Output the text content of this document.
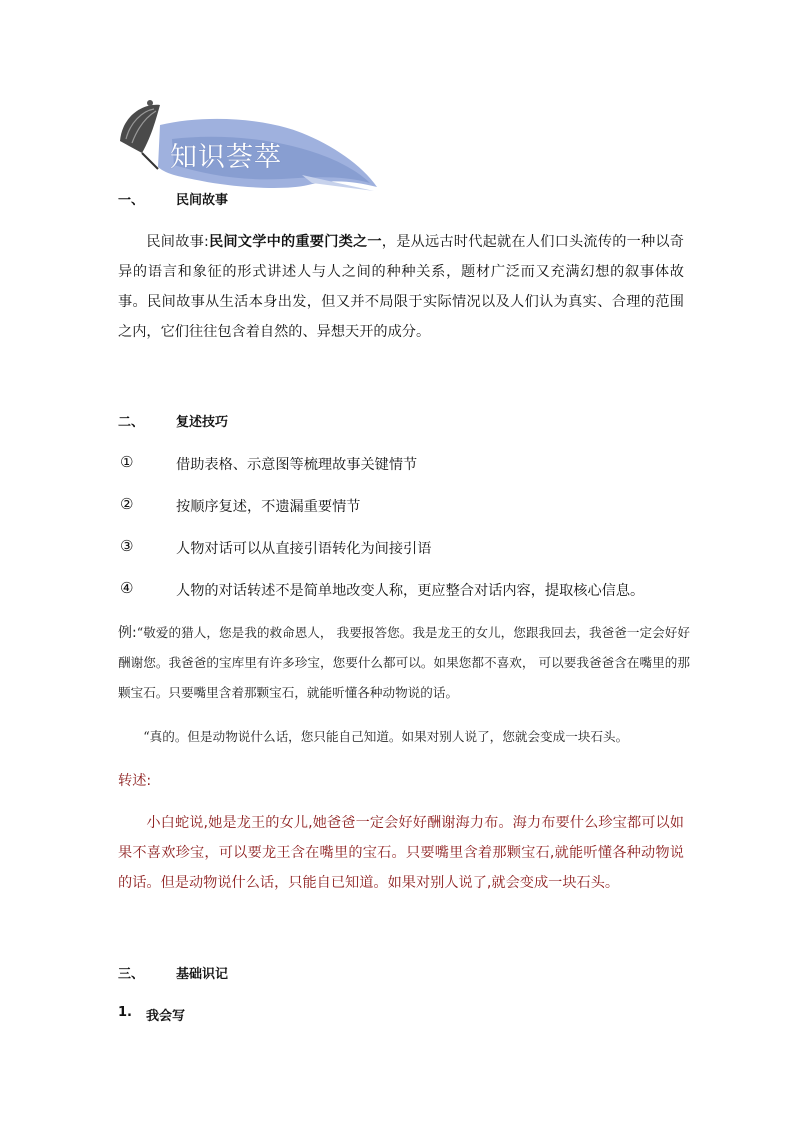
知识荟萃
一、 民间故事
民间故事:民间文学中的重要门类之一，是从远古时代起就在人们口头流传的一种以奇异的语言和象征的形式讲述人与人之间的种种关系，题材广泛而又充满幻想的叙事体故事。民间故事从生活本身出发，但又并不局限于实际情况以及人们认为真实、合理的范围之内，它们往往包含着自然的、异想天开的成分。
二、 复述技巧
①	借助表格、示意图等梳理故事关键情节
②	按顺序复述，不遗漏重要情节
③	人物对话可以从直接引语转化为间接引语
④	人物的对话转述不是简单地改变人称，更应整合对话内容，提取核心信息。
例:“敬爱的猎人，您是我的救命恩人， 我要报答您。我是龙王的女儿，您跟我回去，我爸爸一定会好好酬谢您。我爸爸的宝库里有许多珍宝，您要什么都可以。如果您都不喜欢， 可以要我爸爸含在嘴里的那颗宝石。只要嘴里含着那颗宝石，就能听懂各种动物说的话。
“真的。但是动物说什么话，您只能自己知道。如果对别人说了，您就会变成一块石头。
转述:
小白蛇说,她是龙王的女儿,她爸爸一定会好好酬谢海力布。海力布要什么珍宝都可以如果不喜欢珍宝，可以要龙王含在嘴里的宝石。只要嘴里含着那颗宝石,就能听懂各种动物说的话。但是动物说什么话，只能自已知道。如果对别人说了,就会变成一块石头。
三、 基础识记
1. 我会写
